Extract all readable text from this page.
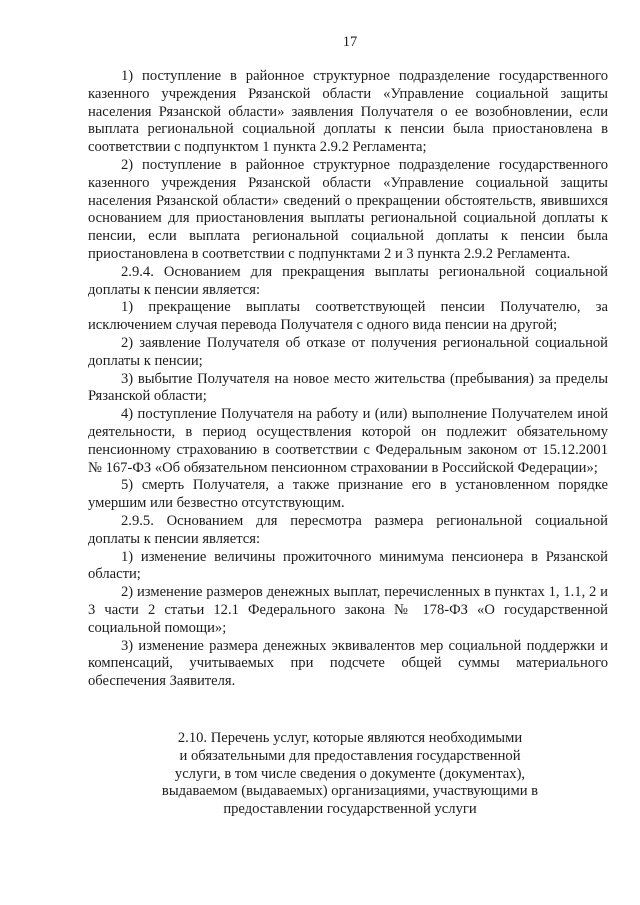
17

1) поступление в районное структурное подразделение государственного казенного учреждения Рязанской области «Управление социальной защиты населения Рязанской области» заявления Получателя о ее возобновлении, если выплата региональной социальной доплаты к пенсии была приостановлена в соответствии с подпунктом 1 пункта 2.9.2 Регламента;

2) поступление в районное структурное подразделение государственного казенного учреждения Рязанской области «Управление социальной защиты населения Рязанской области» сведений о прекращении обстоятельств, явившихся основанием для приостановления выплаты региональной социальной доплаты к пенсии, если выплата региональной социальной доплаты к пенсии была приостановлена в соответствии с подпунктами 2 и 3 пункта 2.9.2 Регламента.

2.9.4. Основанием для прекращения выплаты региональной социальной доплаты к пенсии является:

1) прекращение выплаты соответствующей пенсии Получателю, за исключением случая перевода Получателя с одного вида пенсии на другой;

2) заявление Получателя об отказе от получения региональной социальной доплаты к пенсии;

3) выбытие Получателя на новое место жительства (пребывания) за пределы Рязанской области;

4) поступление Получателя на работу и (или) выполнение Получателем иной деятельности, в период осуществления которой он подлежит обязательному пенсионному страхованию в соответствии с Федеральным законом от 15.12.2001 № 167-ФЗ «Об обязательном пенсионном страховании в Российской Федерации»;

5) смерть Получателя, а также признание его в установленном порядке умершим или безвестно отсутствующим.

2.9.5. Основанием для пересмотра размера региональной социальной доплаты к пенсии является:

1) изменение величины прожиточного минимума пенсионера в Рязанской области;

2) изменение размеров денежных выплат, перечисленных в пунктах 1, 1.1, 2 и 3 части 2 статьи 12.1 Федерального закона № 178-ФЗ «О государственной социальной помощи»;

3) изменение размера денежных эквивалентов мер социальной поддержки и компенсаций, учитываемых при подсчете общей суммы материального обеспечения Заявителя.

2.10. Перечень услуг, которые являются необходимыми

и обязательными для предоставления государственной

услуги, в том числе сведения о документе (документах),

выдаваемом (выдаваемых) организациями, участвующими в

предоставлении государственной услуги
